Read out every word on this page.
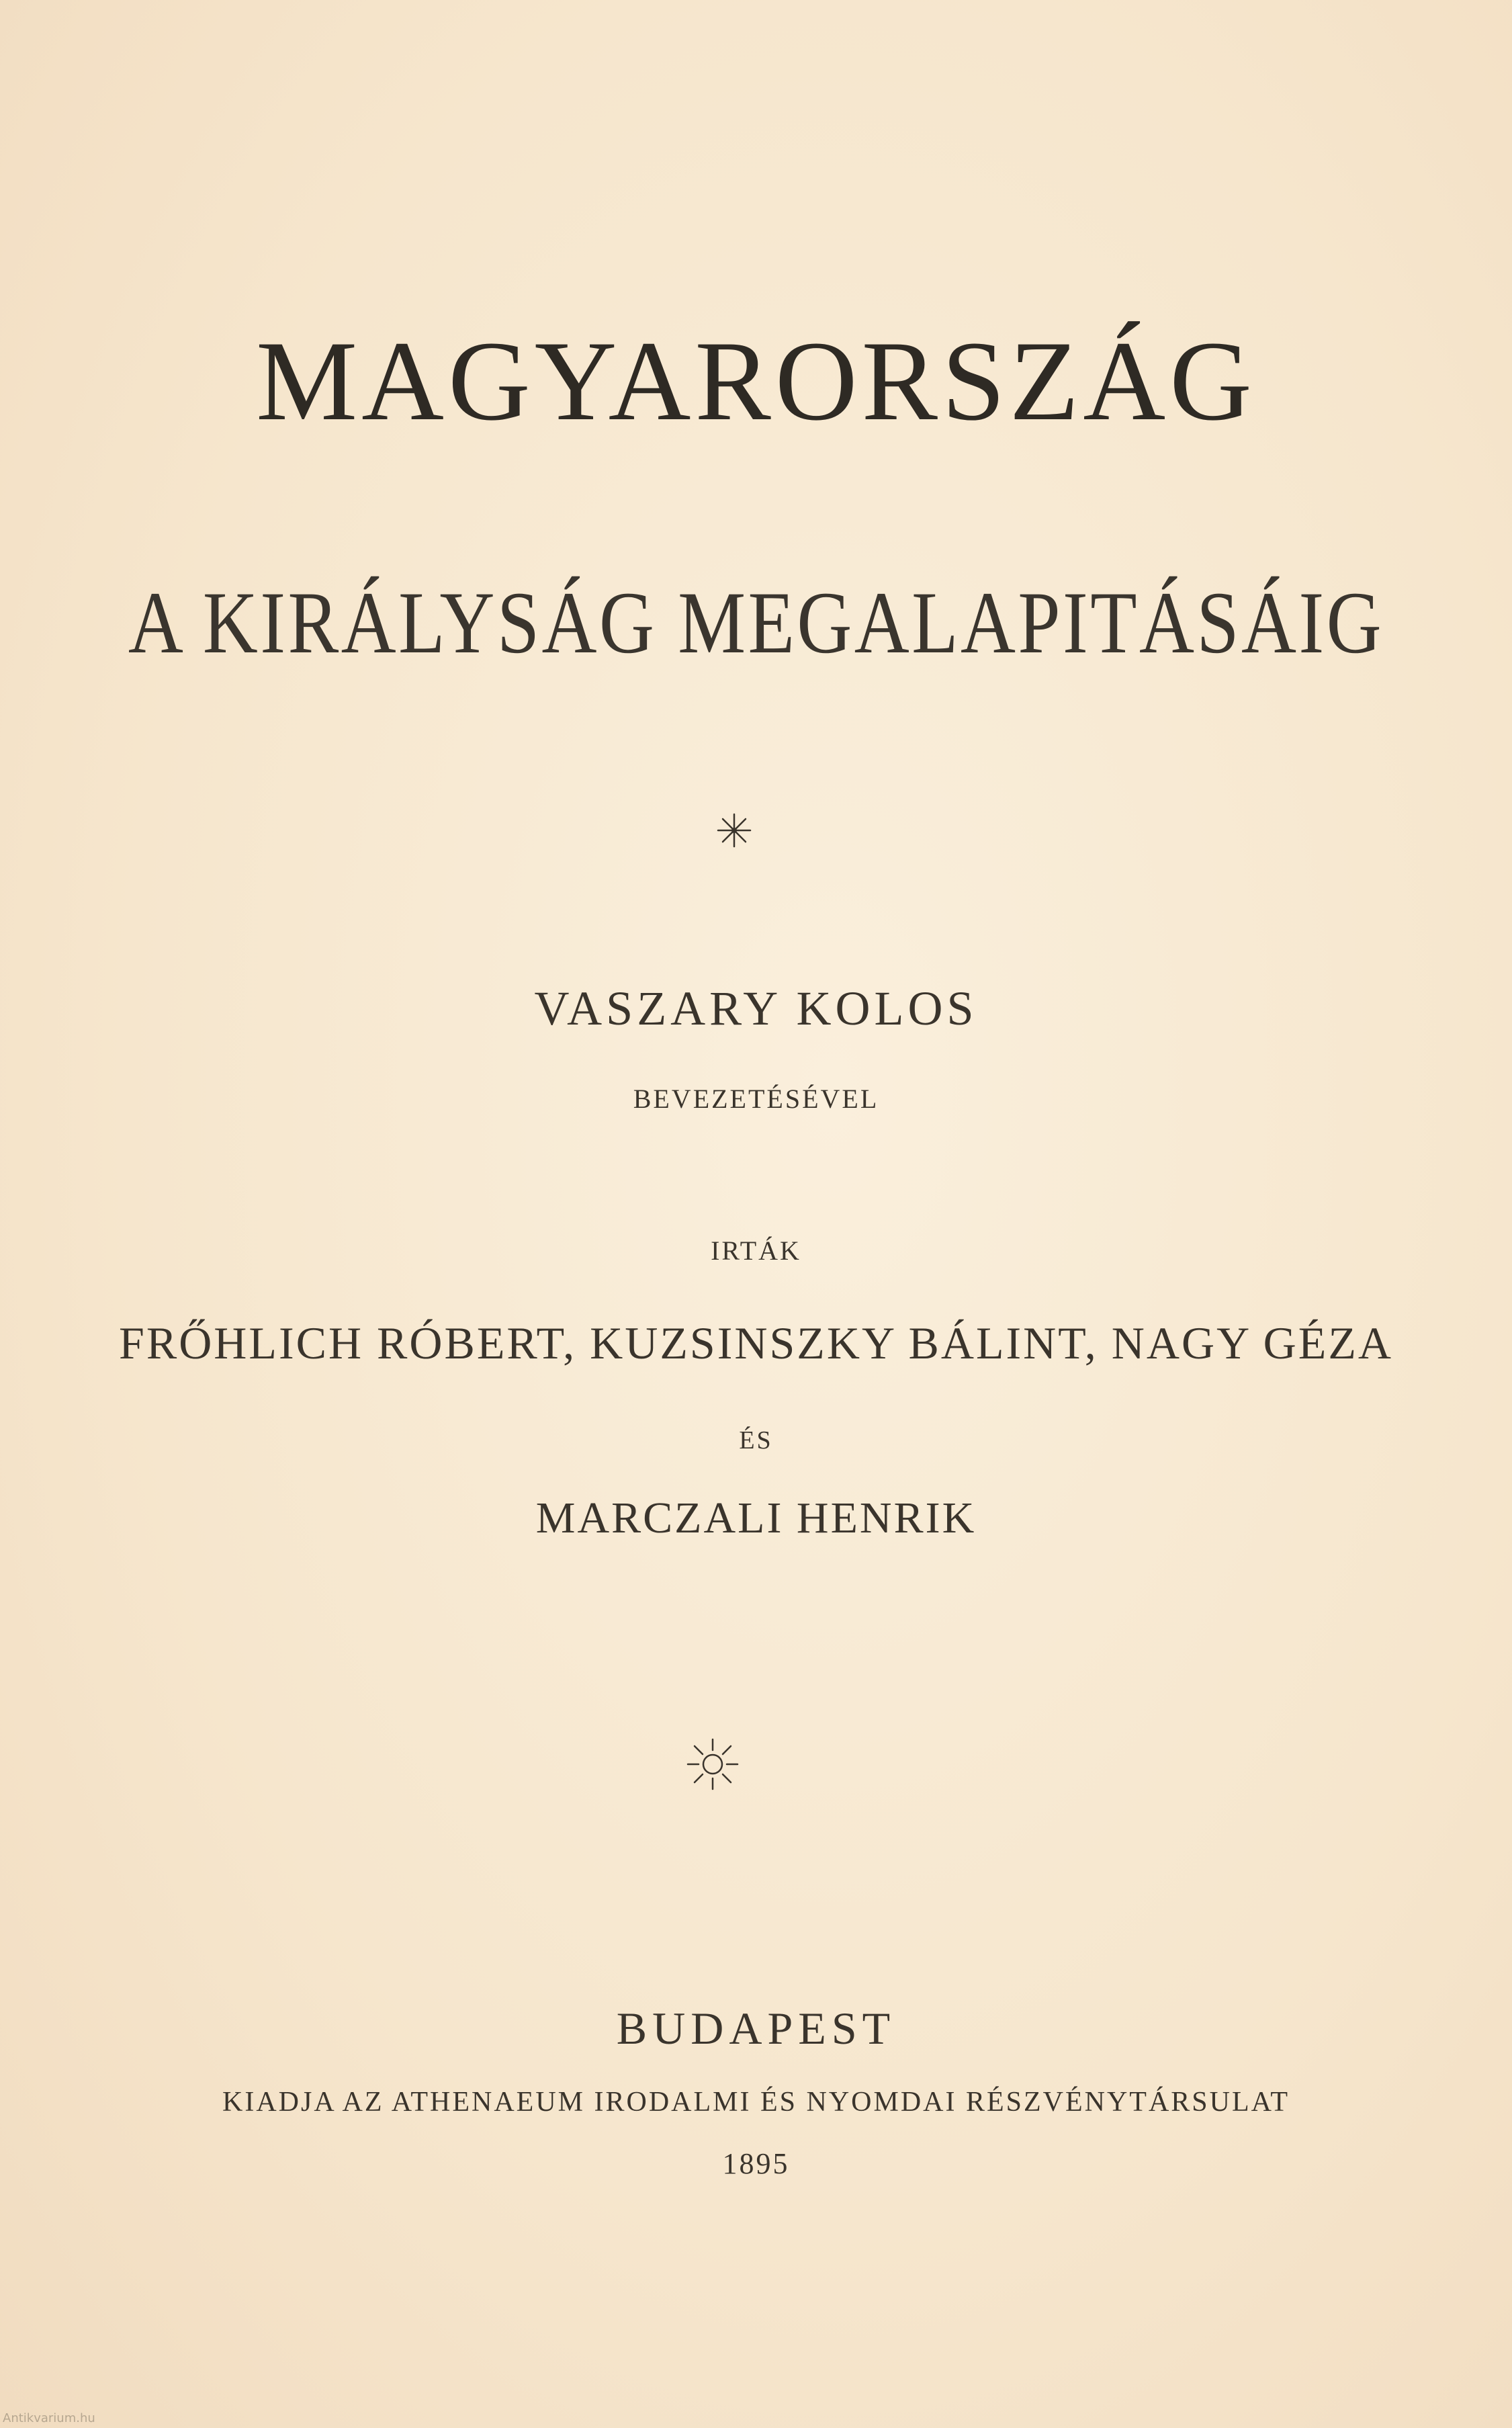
MAGYARORSZÁG
A KIRÁLYSÁG MEGALAPITÁSÁIG

VASZARY KOLOS

BEVEZETÉSÉVEL

IRTÁK

FRŐHLICH RÓBERT, KUZSINSZKY BÁLINT, NAGY GÉZA

ÉS

MARCZALI HENRIK

BUDAPEST

KIADJA AZ ATHENAEUM IRODALMI ÉS NYOMDAI RÉSZVÉNYTÁRSULAT

1895

Antikvarium.hu
